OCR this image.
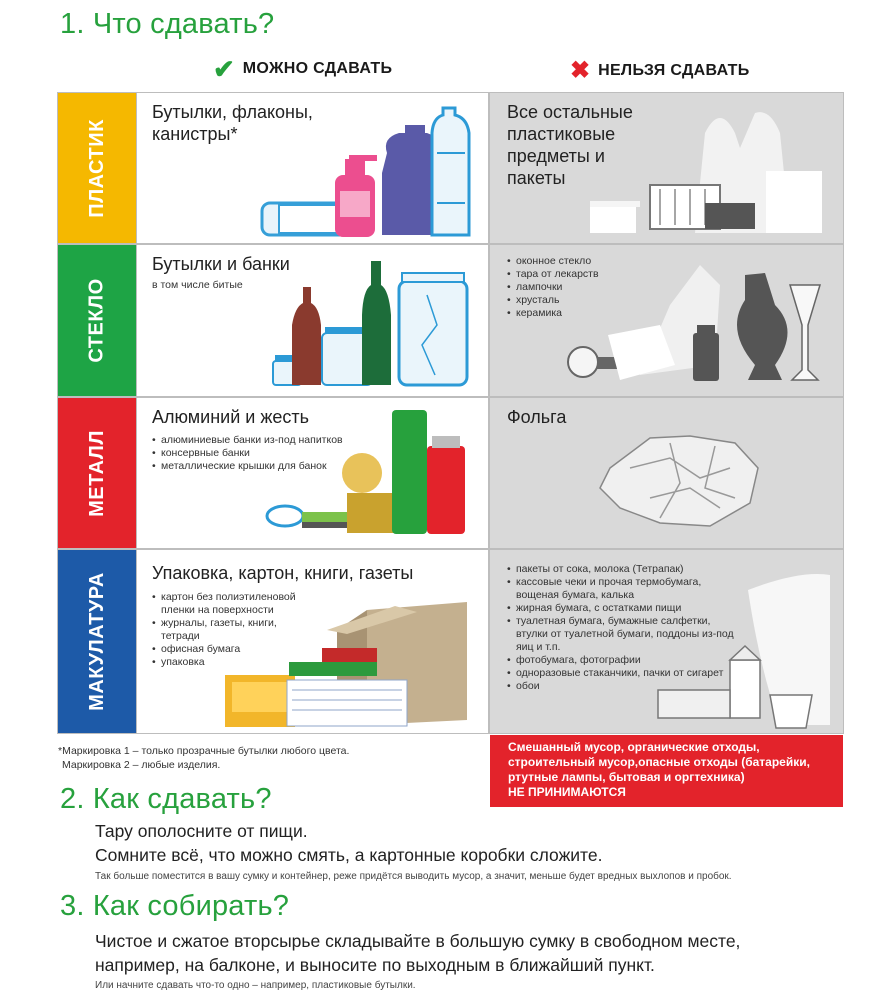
1. Что сдавать?
✔ МОЖНО СДАВАТЬ	✖ НЕЛЬЗЯ СДАВАТЬ
ПЛАСТИК
Бутылки, флаконы, канистры*
Все остальные пластиковые предметы и пакеты
СТЕКЛО
Бутылки и банки
в том числе битые
• оконное стекло
• тара от лекарств
• лампочки
• хрусталь
• керамика
МЕТАЛЛ
Алюминий и жесть
• алюминиевые банки из-под напитков
• консервные банки
• металлические крышки для банок
Фольга
МАКУЛАТУРА Упаковка, картон, книги, газеты
• картон без полиэтиленовой пленки на поверхности
• журналы, газеты, книги, тетради
• офисная бумага
• упаковка
• пакеты от сока, молока (Тетрапак)
• кассовые чеки и прочая термобумага, вощеная бумага, калька
• жирная бумага, с остатками пищи
• туалетная бумага, бумажные салфетки, втулки от туалетной бумаги, поддоны из-под яиц и т.п.
• фотобумага, фотографии
• одноразовые стаканчики, пачки от сигарет
• обои
*Маркировка 1 – только прозрачные бутылки любого цвета.
Маркировка 2 – любые изделия.
Смешанный мусор, органические отходы, строительный мусор,опасные отходы (батарейки, ртутные лампы, бытовая и оргтехника)
НЕ ПРИНИМАЮТСЯ
2. Как сдавать?
Тару ополосните от пищи.
Сомните всё, что можно смять, а картонные коробки сложите.
Так больше поместится в вашу сумку и контейнер, реже придётся выводить мусор, а значит, меньше будет вредных выхлопов и пробок.
3. Как собирать?
Чистое и сжатое вторсырье складывайте в большую сумку в свободном месте,
например, на балконе, и выносите по выходным в ближайший пункт.
Или начните сдавать что-то одно – например, пластиковые бутылки.
